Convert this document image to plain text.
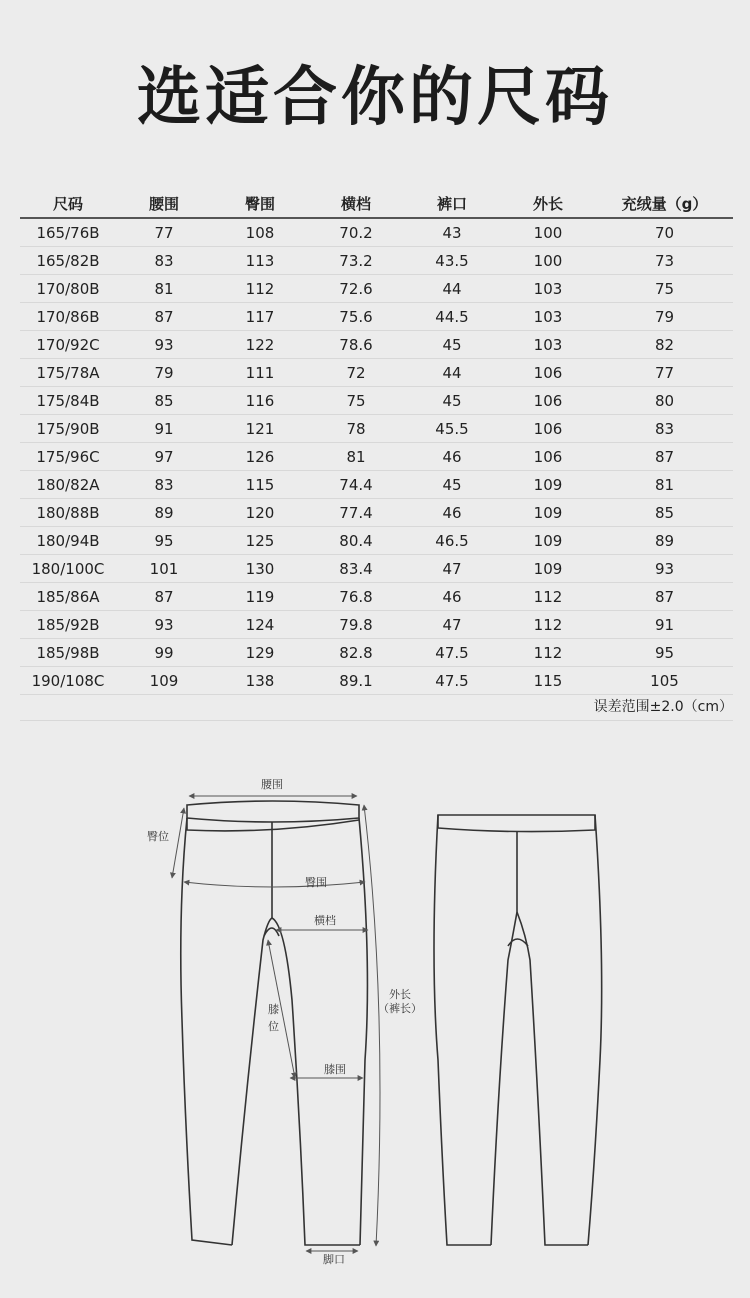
选适合你的尺码
尺码	腰围	臀围	横档	裤口	外长	充绒量（g）
165/76B	77	108	70.2	43	100	70
165/82B	83	113	73.2	43.5	100	73
170/80B	81	112	72.6	44	103	75
170/86B	87	117	75.6	44.5	103	79
170/92C	93	122	78.6	45	103	82
175/78A	79	111	72	44	106	77
175/84B	85	116	75	45	106	80
175/90B	91	121	78	45.5	106	83
175/96C	97	126	81	46	106	87
180/82A	83	115	74.4	45	109	81
180/88B	89	120	77.4	46	109	85
180/94B	95	125	80.4	46.5	109	89
180/100C	101	130	83.4	47	109	93
185/86A	87	119	76.8	46	112	87
185/92B	93	124	79.8	47	112	91
185/98B	99	129	82.8	47.5	112	95
190/108C	109	138	89.1	47.5	115	105
误差范围±2.0（cm）
腰围
臀位
臀围
横档
膝
位
膝围
外长
（裤长）
脚口
